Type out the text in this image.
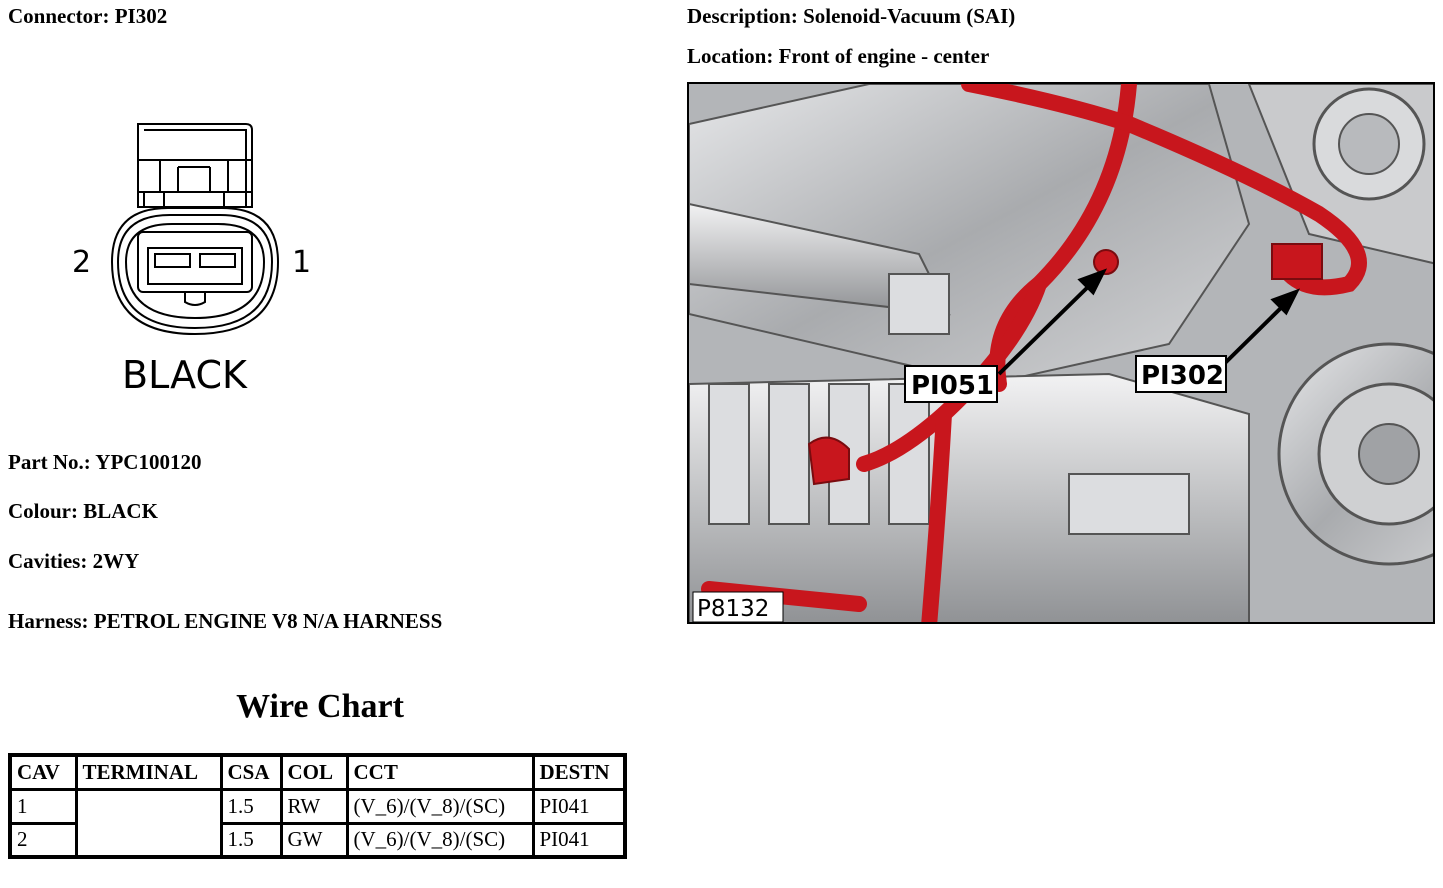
Connector: PI302	Description: Solenoid-Vacuum (SAI)
Location: Front of engine - center
2	1
BLACK
Part No.: YPC100120
Colour: BLACK
Cavities: 2WY
Harness: PETROL ENGINE V8 N/A HARNESS
PI051	PI302
P8132
Wire Chart
CAV	TERMINAL	CSA	COL	CCT	DESTN
1		1.5	RW	(V_6)/(V_8)/(SC)	PI041
2		1.5	GW	(V_6)/(V_8)/(SC)	PI041
